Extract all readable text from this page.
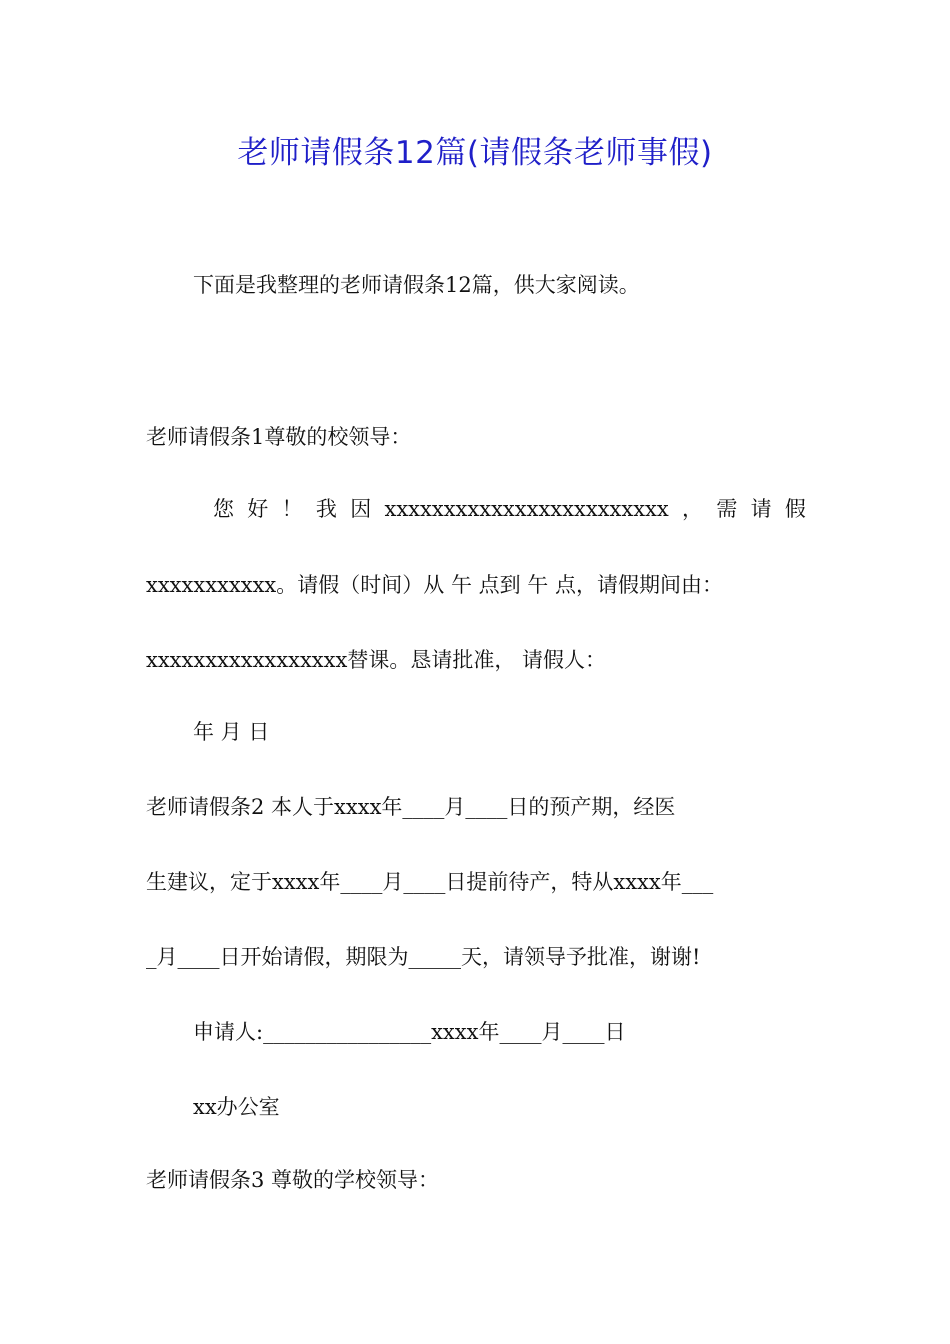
老师请假条12篇(请假条老师事假)
下面是我整理的老师请假条12篇，供大家阅读。
老师请假条1尊敬的校领导：
您 好 ！ 我 因 xxxxxxxxxxxxxxxxxxxxxxxx ， 需 请 假
xxxxxxxxxxx。请假（时间）从 午 点到 午 点，请假期间由：
xxxxxxxxxxxxxxxxx替课。恳请批准， 请假人：
年 月 日
老师请假条2 本人于xxxx年____月____日的预产期，经医
生建议，定于xxxx年____月____日提前待产，特从xxxx年___
_月____日开始请假，期限为_____天，请领导予批准，谢谢!
申请人:________________xxxx年____月____日
xx办公室
老师请假条3 尊敬的学校领导：
